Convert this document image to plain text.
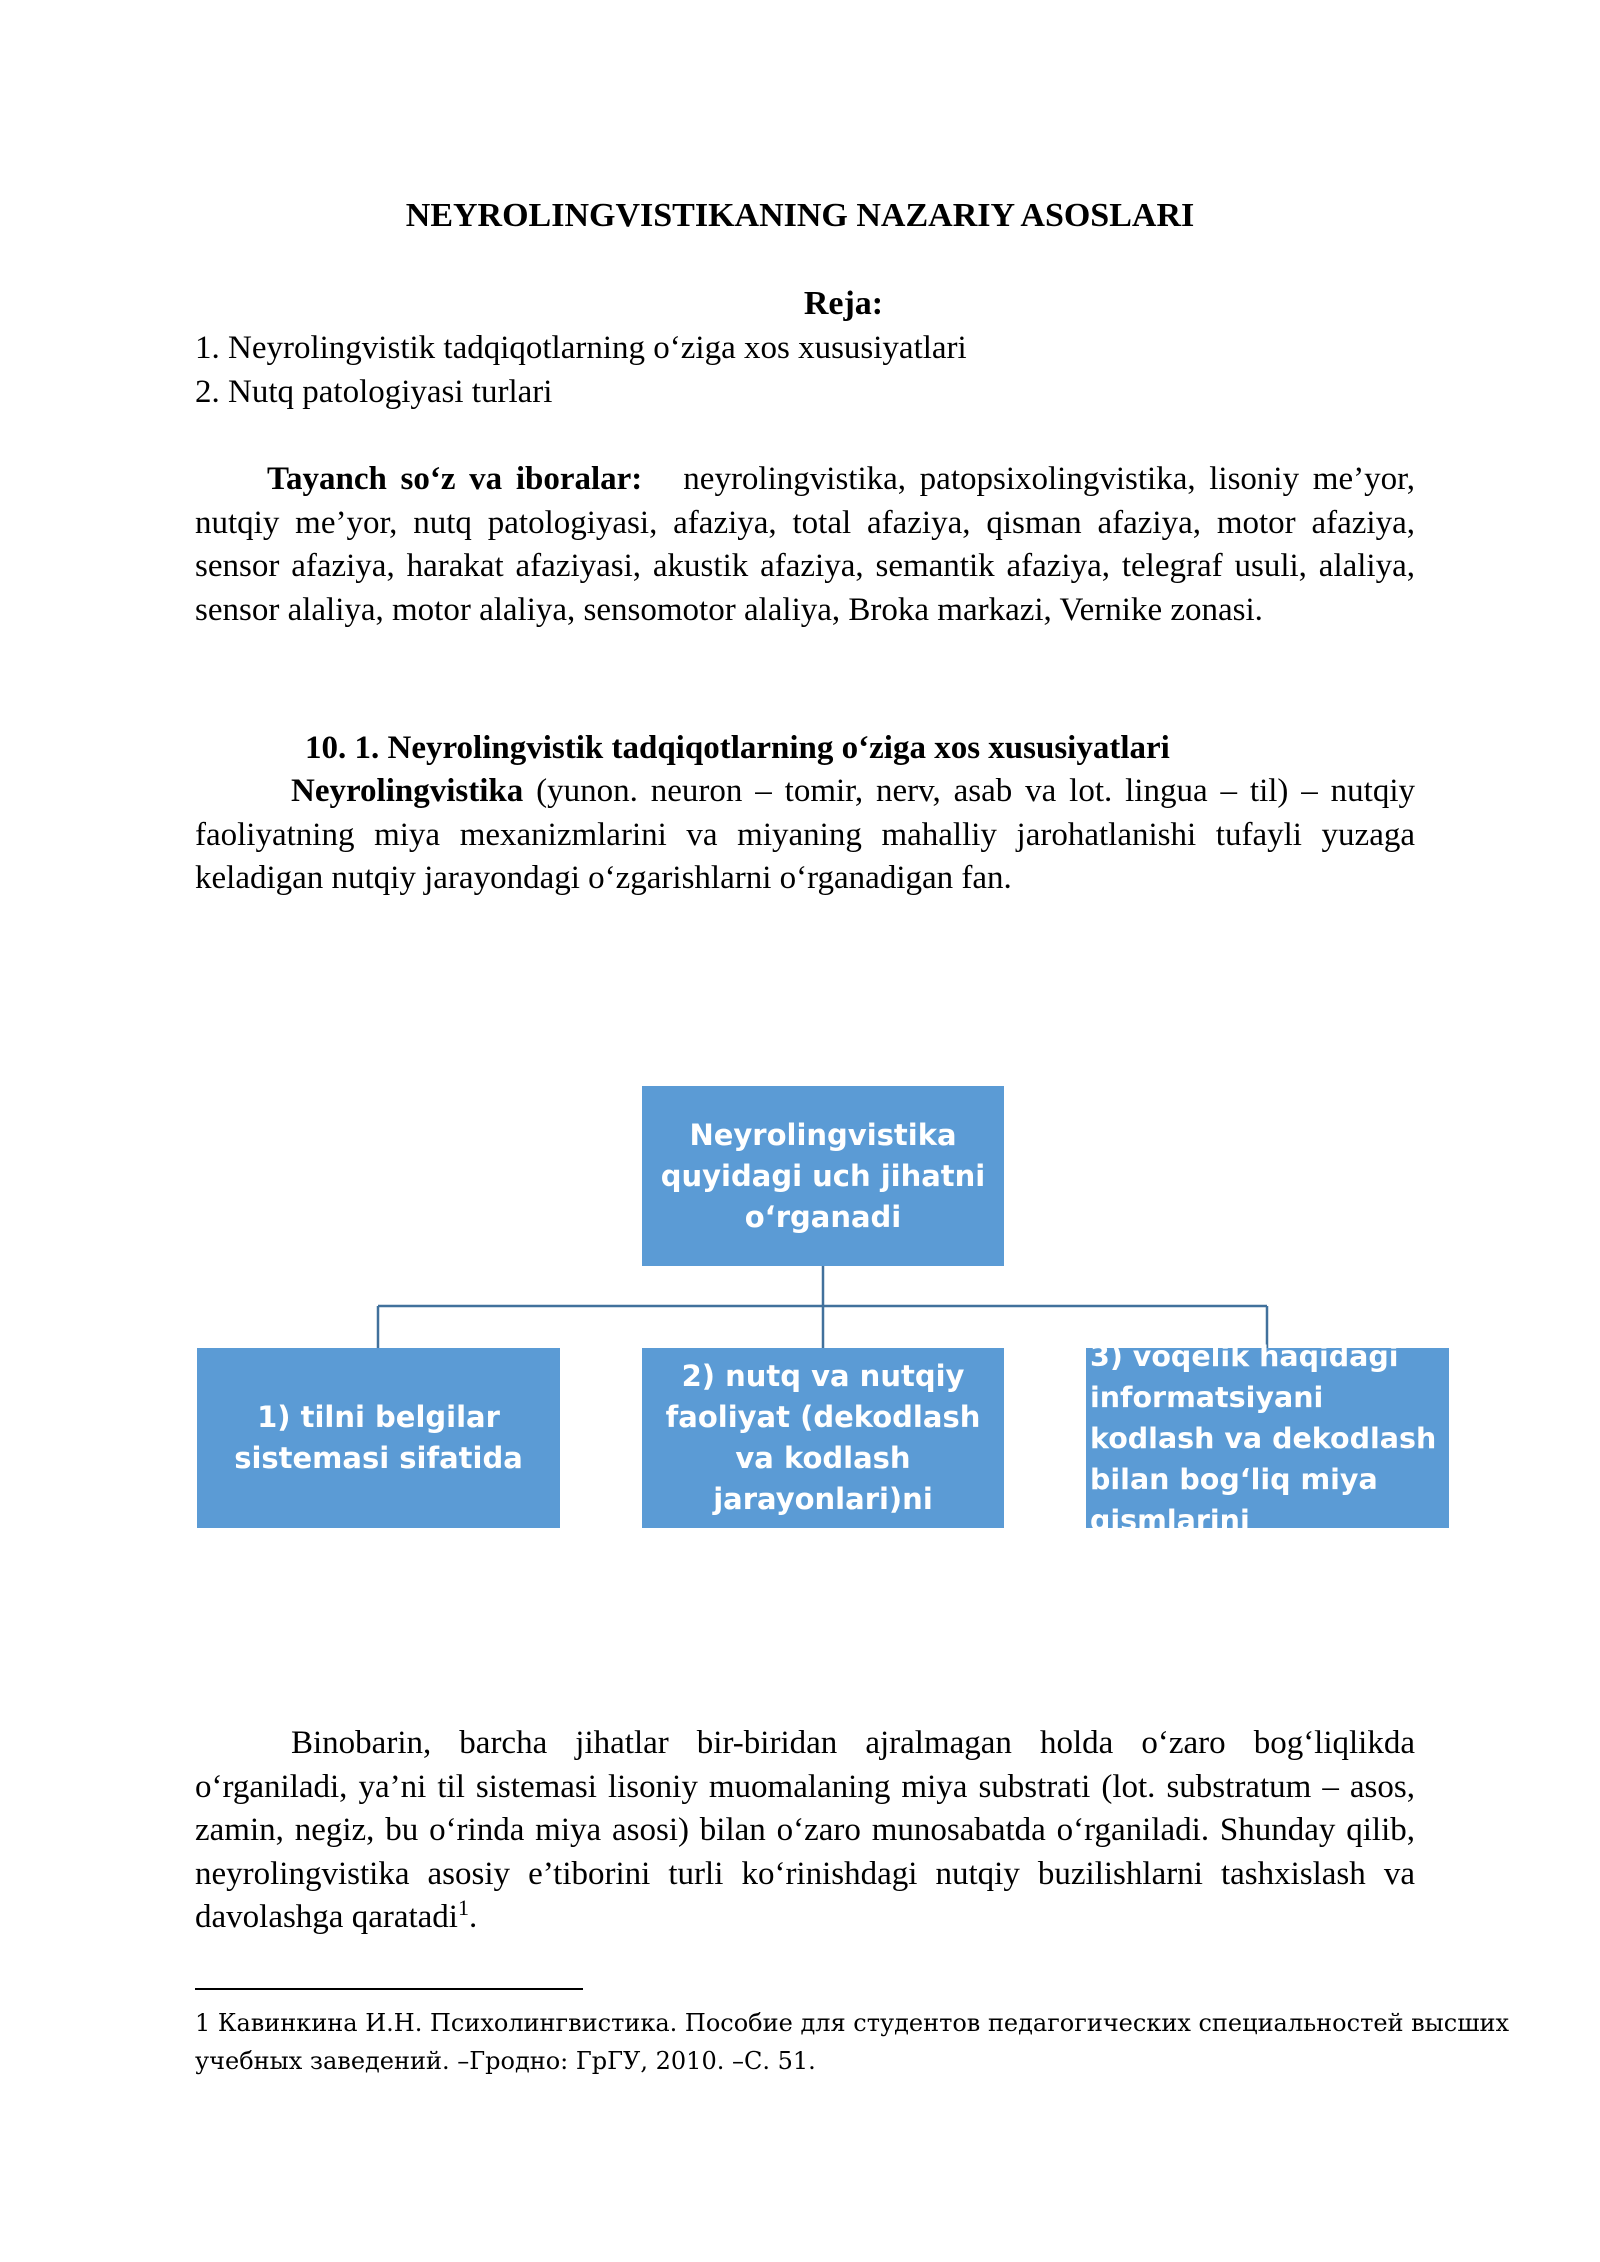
NEYROLINGVISTIKANING NAZARIY ASOSLARI
Reja:
1. Neyrolingvistik tadqiqotlarning o‘ziga xos xususiyatlari
2. Nutq patologiyasi turlari
Tayanch so‘z va iboralar: neyrolingvistika, patopsixolingvistika, lisoniy me’yor, nutqiy me’yor, nutq patologiyasi, afaziya, total afaziya, qisman afaziya, motor afaziya, sensor afaziya, harakat afaziyasi, akustik afaziya, semantik afaziya, telegraf usuli, alaliya, sensor alaliya, motor alaliya, sensomotor alaliya, Broka markazi, Vernike zonasi.
10. 1. Neyrolingvistik tadqiqotlarning o‘ziga xos xususiyatlari
Neyrolingvistika (yunon. neuron – tomir, nerv, asab va lot. lingua – til) – nutqiy faoliyatning miya mexanizmlarini va miyaning mahalliy jarohatlanishi tufayli yuzaga keladigan nutqiy jarayondagi o‘zgarishlarni o‘rganadigan fan.
Neyrolingvistika quyidagi uch jihatni o‘rganadi
1) tilni belgilar sistemasi sifatida
2) nutq va nutqiy faoliyat (dekodlash va kodlash jarayonlari)ni
3) voqelik haqidagi informatsiyani kodlash va dekodlash bilan bog‘liq miya qismlarini
Binobarin, barcha jihatlar bir-biridan ajralmagan holda o‘zaro bog‘liqlikda o‘rganiladi, ya’ni til sistemasi lisoniy muomalaning miya substrati (lot. substratum – asos, zamin, negiz, bu o‘rinda miya asosi) bilan o‘zaro munosabatda o‘rganiladi. Shunday qilib, neyrolingvistika asosiy e’tiborini turli ko‘rinishdagi nutqiy buzilishlarni tashxislash va davolashga qaratadi$^1$.
1 Кавинкина И.Н. Психолингвистика. Пособие для студентов педагогических специальностей высших учебных заведений. –Гродно: ГрГУ, 2010. –С. 51.
